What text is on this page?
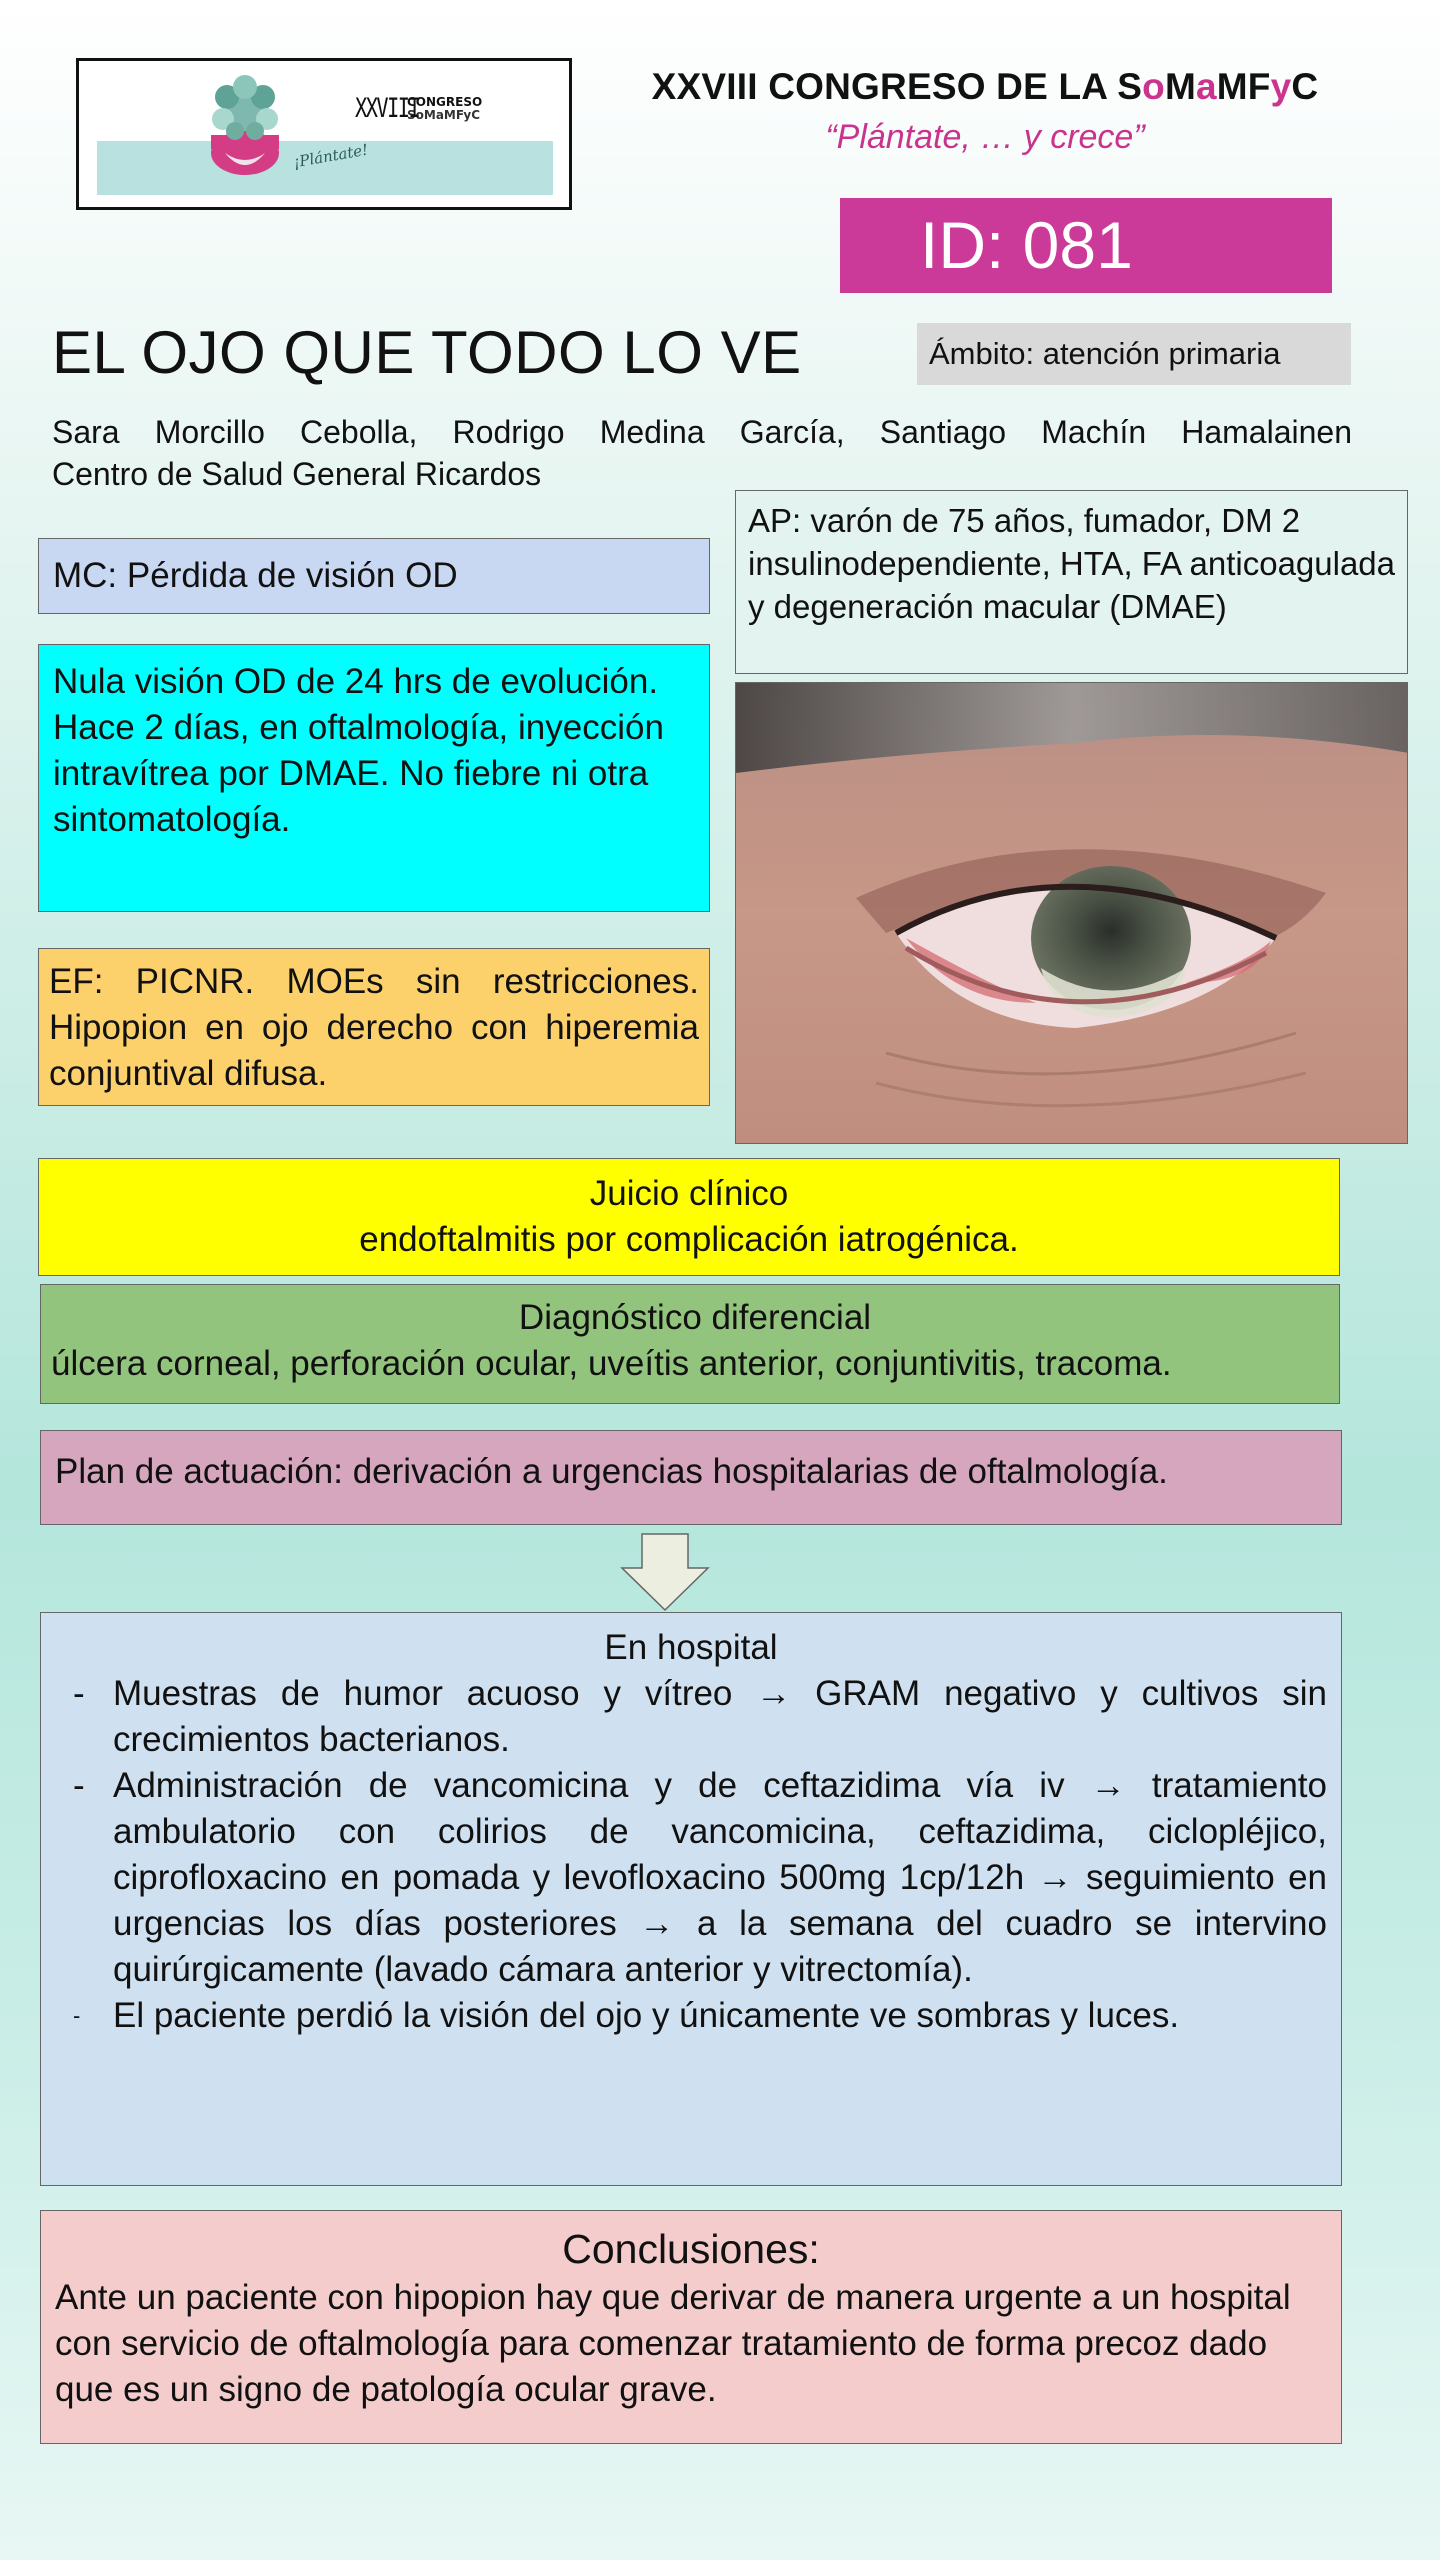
XXVIII
CONGRESO
SoMaMFyC
¡Plántate!
XXVIII CONGRESO DE LA SoMaMFyC
“Plántate, … y crece”
ID: 081
EL OJO QUE TODO LO VE	Ámbito: atención primaria
Sara Morcillo Cebolla, Rodrigo Medina García, Santiago Machín Hamalainen
Centro de Salud General Ricardos
MC: Pérdida de visión OD
Nula visión OD de 24 hrs de evolución. Hace 2 días, en oftalmología, inyección intravítrea por DMAE. No fiebre ni otra sintomatología.
EF: PICNR. MOEs sin restricciones. Hipopion en ojo derecho con hiperemia conjuntival difusa.
AP: varón de 75 años, fumador, DM 2 insulinodependiente, HTA, FA anticoagulada y degeneración macular (DMAE)
Juicio clínico
endoftalmitis por complicación iatrogénica.
Diagnóstico diferencial
úlcera corneal, perforación ocular, uveítis anterior, conjuntivitis, tracoma.
Plan de actuación: derivación a urgencias hospitalarias de oftalmología.
En hospital
- Muestras de humor acuoso y vítreo → GRAM negativo y cultivos sin crecimientos bacterianos.
- Administración de vancomicina y de ceftazidima vía iv → tratamiento ambulatorio con colirios de vancomicina, ceftazidima, ciclopléjico, ciprofloxacino en pomada y levofloxacino 500mg 1cp/12h → seguimiento en urgencias los días posteriores → a la semana del cuadro se intervino quirúrgicamente (lavado cámara anterior y vitrectomía).
- El paciente perdió la visión del ojo y únicamente ve sombras y luces.
Conclusiones:
Ante un paciente con hipopion hay que derivar de manera urgente a un hospital con servicio de oftalmología para comenzar tratamiento de forma precoz dado que es un signo de patología ocular grave.
